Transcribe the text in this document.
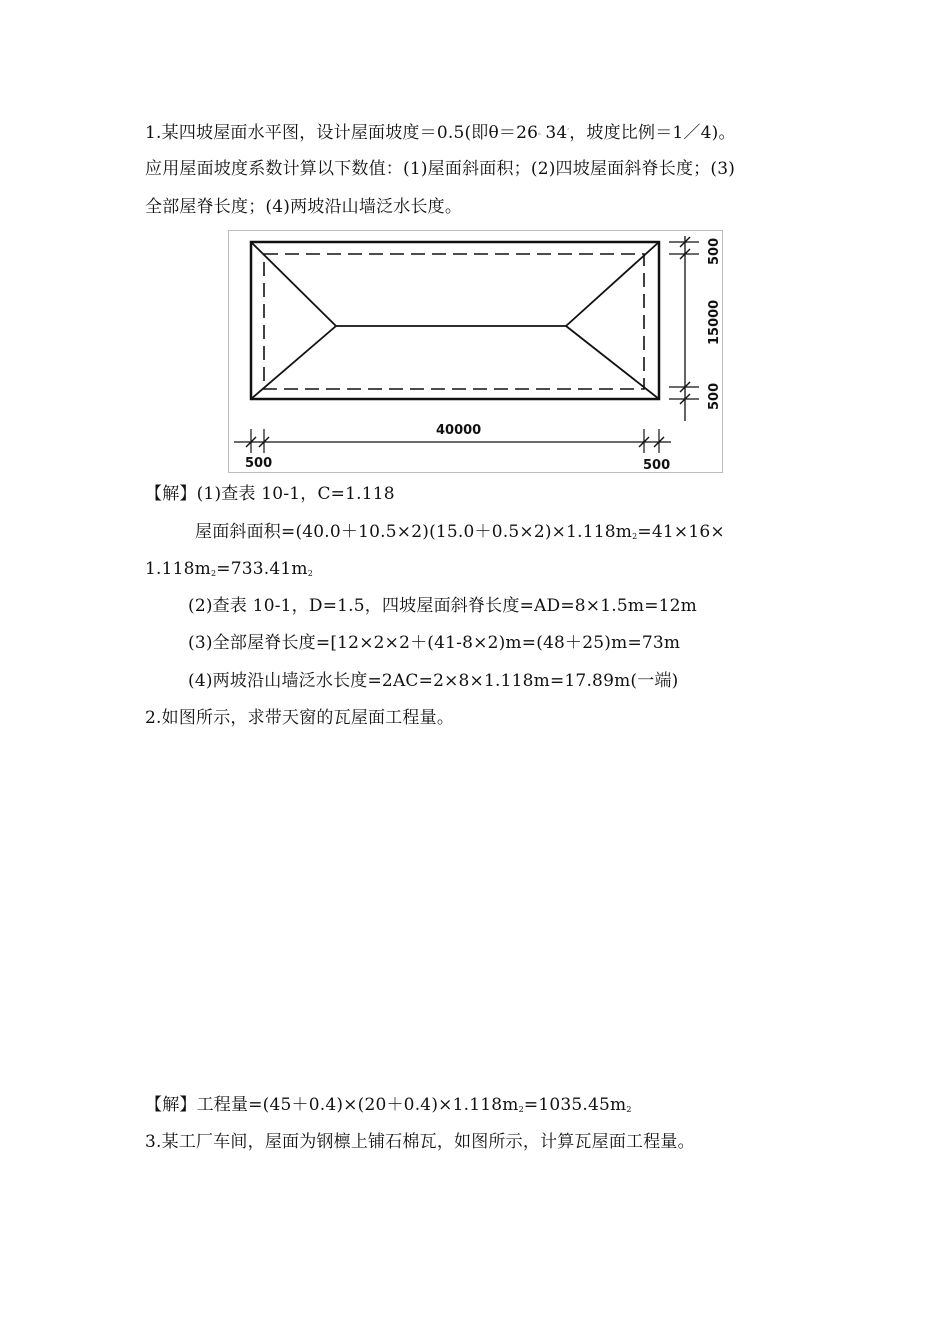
1.某四坡屋面水平图，设计屋面坡度＝0.5(即θ＝26。34′，坡度比例＝1／4)。
应用屋面坡度系数计算以下数值：(1)屋面斜面积；(2)四坡屋面斜脊长度；(3)
全部屋脊长度；(4)两坡沿山墙泛水长度。
500
15000
500
40000
500	500
【解】(1)查表 10-1，C=1.118
屋面斜面积$=(40.0+10.5\times 2)(15.0+0.5\times 2)\times 1.118m_2=41\times 16\times$
$1.118m_2=733.41m_2$
(2)查表 10-1，D=1.5，四坡屋面斜脊长度=AD=8×1.5m=12m
(3)全部屋脊长度=[12×2×2＋(41-8×2)m=(48＋25)m=73m
(4)两坡沿山墙泛水长度=2AC=2×8×1.118m=17.89m(一端)
2.如图所示，求带天窗的瓦屋面工程量。
【解】工程量$=(45+0.4)\times(20+0.4)\times 1.118m_2=1035.45m_2$
3.某工厂车间，屋面为钢檩上铺石棉瓦，如图所示，计算瓦屋面工程量。
